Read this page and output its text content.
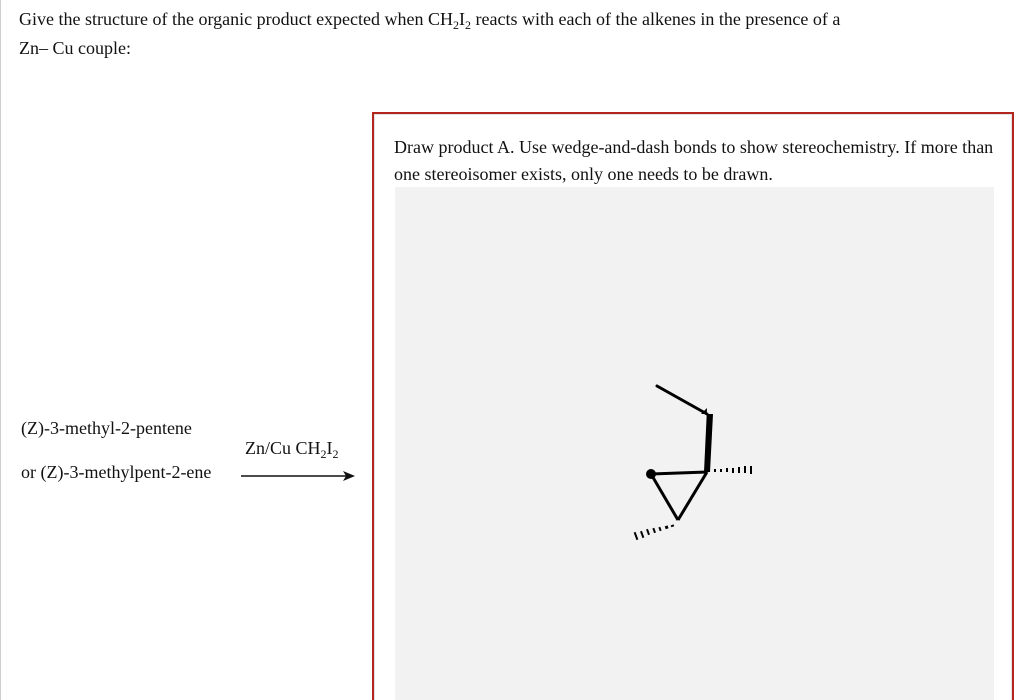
Give the structure of the organic product expected when $CH_2I_2$ reacts with each of the alkenes in the presence of a
Zn– Cu couple:
(Z)-3-methyl-2-pentene
or (Z)-3-methylpent-2-ene
Zn/Cu $CH_2I_2$
Draw product A. Use wedge-and-dash bonds to show stereochemistry. If more than one stereoisomer exists, only one needs to be drawn.
